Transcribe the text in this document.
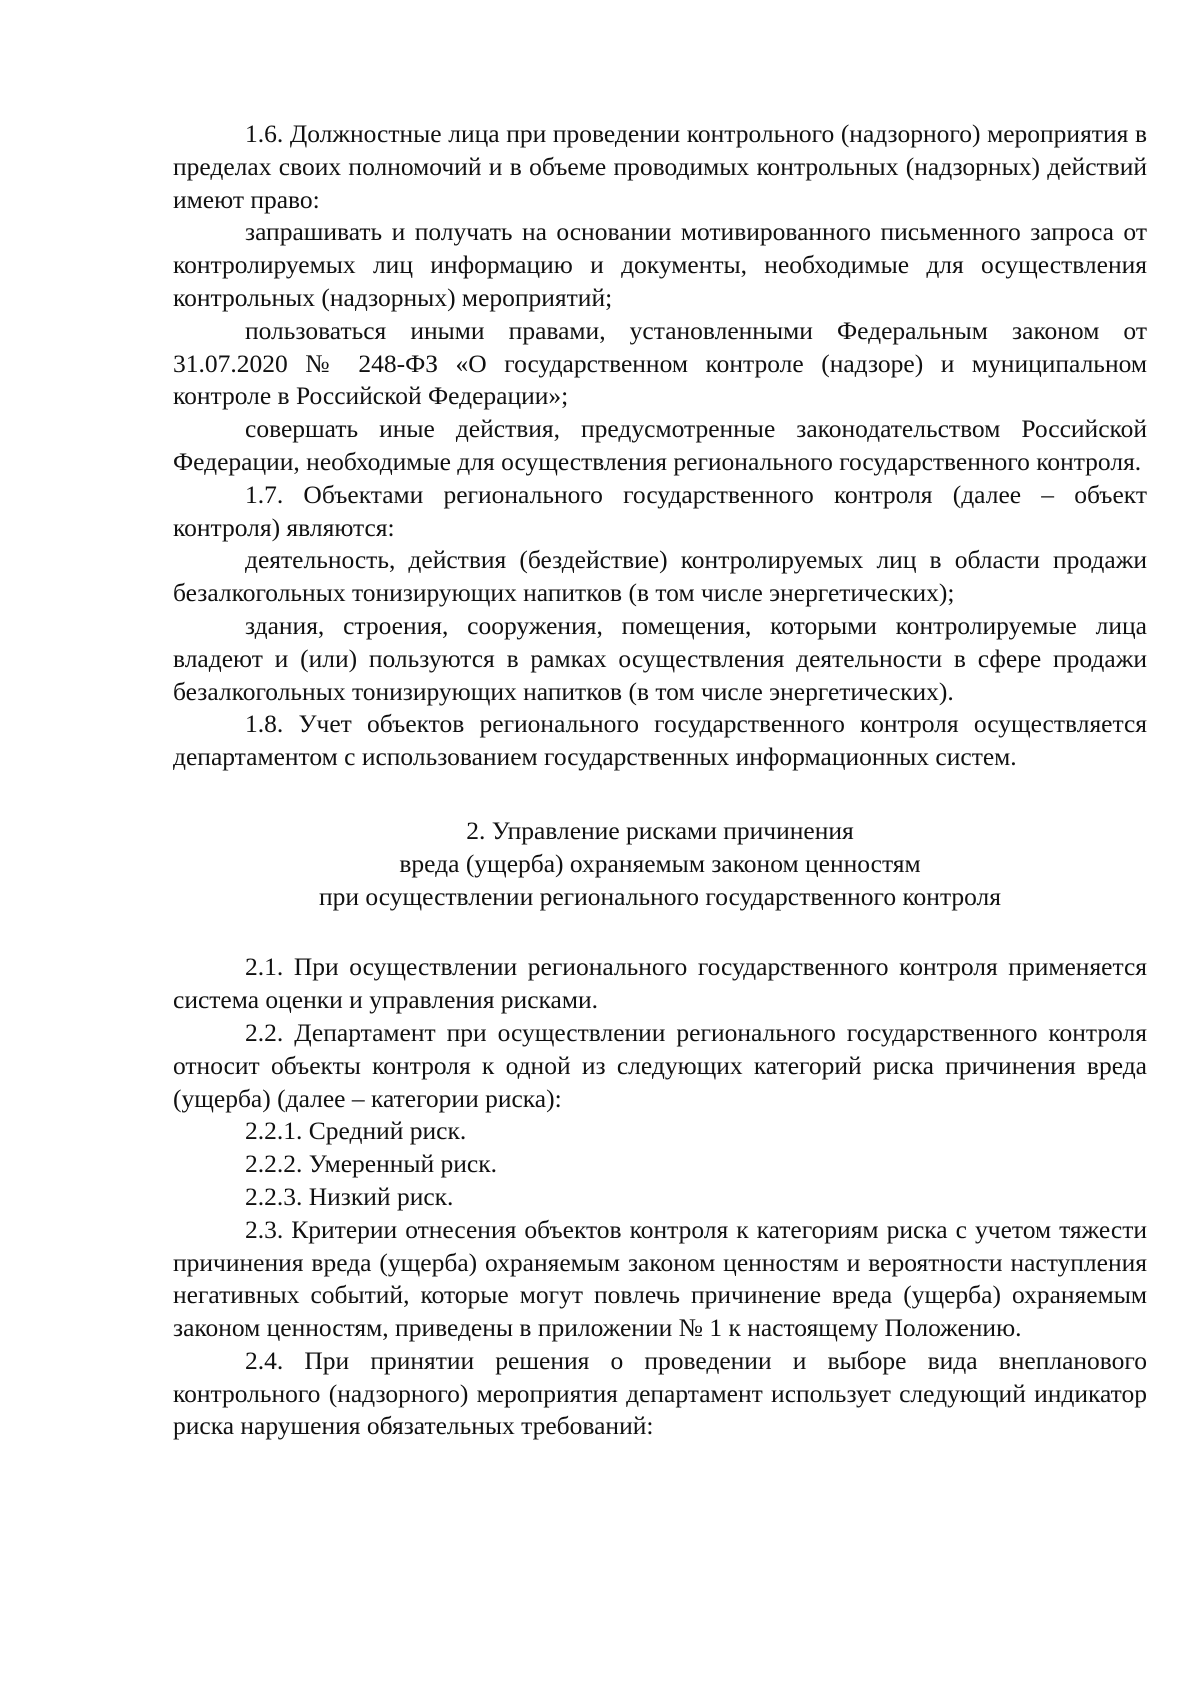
1.6. Должностные лица при проведении контрольного (надзорного) мероприятия в пределах своих полномочий и в объеме проводимых контрольных (надзорных) действий имеют право:

запрашивать и получать на основании мотивированного письменного запроса от контролируемых лиц информацию и документы, необходимые для осуществления контрольных (надзорных) мероприятий;

пользоваться иными правами, установленными Федеральным законом от 31.07.2020 № 248-ФЗ «О государственном контроле (надзоре) и муниципальном контроле в Российской Федерации»;

совершать иные действия, предусмотренные законодательством Российской Федерации, необходимые для осуществления регионального государственного контроля.

1.7. Объектами регионального государственного контроля (далее – объект контроля) являются:

деятельность, действия (бездействие) контролируемых лиц в области продажи безалкогольных тонизирующих напитков (в том числе энергетических);

здания, строения, сооружения, помещения, которыми контролируемые лица владеют и (или) пользуются в рамках осуществления деятельности в сфере продажи безалкогольных тонизирующих напитков (в том числе энергетических).

1.8. Учет объектов регионального государственного контроля осуществляется департаментом с использованием государственных информационных систем.

2. Управление рисками причинения
вреда (ущерба) охраняемым законом ценностям
при осуществлении регионального государственного контроля

2.1. При осуществлении регионального государственного контроля применяется система оценки и управления рисками.

2.2. Департамент при осуществлении регионального государственного контроля относит объекты контроля к одной из следующих категорий риска причинения вреда (ущерба) (далее – категории риска):

2.2.1. Средний риск.

2.2.2. Умеренный риск.

2.2.3. Низкий риск.

2.3. Критерии отнесения объектов контроля к категориям риска с учетом тяжести причинения вреда (ущерба) охраняемым законом ценностям и вероятности наступления негативных событий, которые могут повлечь причинение вреда (ущерба) охраняемым законом ценностям, приведены в приложении № 1 к настоящему Положению.

2.4. При принятии решения о проведении и выборе вида внепланового контрольного (надзорного) мероприятия департамент использует следующий индикатор риска нарушения обязательных требований:
